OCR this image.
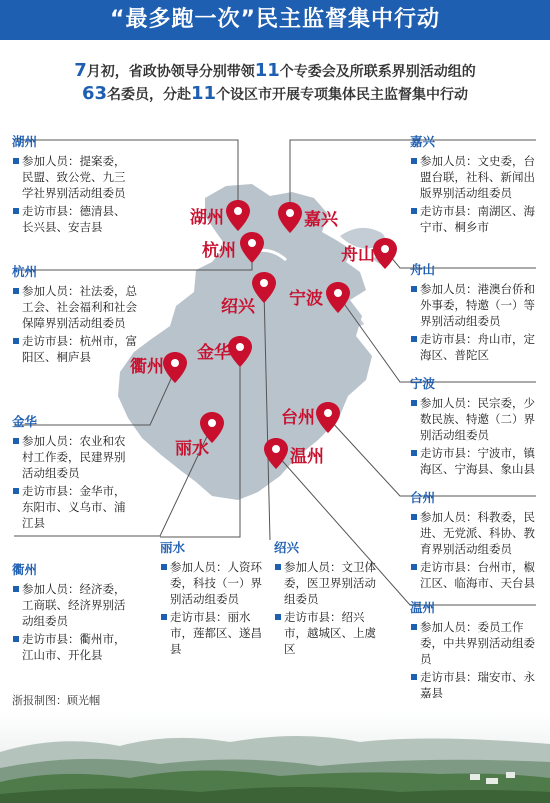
“最多跑一次”民主监督集中行动
7月初，省政协领导分别带领11个专委会及所联系界别活动组的
63名委员，分赴11个设区市开展专项集体民主监督集中行动
湖州	嘉兴
杭州	舟山
绍兴 宁波
金华
衢州
台州
丽水	温州
湖州
参加人员：提案委，民盟、致公党、九三学社界别活动组委员
走访市县：德清县、长兴县、安吉县
杭州
参加人员：社法委，总工会、社会福利和社会保障界别活动组委员
走访市县：杭州市，富阳区、桐庐县
金华
参加人员：农业和农村工作委，民建界别活动组委员
走访市县：金华市，东阳市、义乌市、浦江县
衢州
参加人员：经济委，工商联、经济界别活动组委员
走访市县：衢州市，江山市、开化县
丽水
参加人员：人资环委，科技（一）界别活动组委员
走访市县：丽水市，莲都区、遂昌县
绍兴
参加人员：文卫体委，医卫界别活动组委员
走访市县：绍兴市，越城区、上虞区
嘉兴
参加人员：文史委，台盟台联，社科、新闻出版界别活动组委员
走访市县：南湖区、海宁市、桐乡市
舟山
参加人员：港澳台侨和外事委，特邀（一）等界别活动组委员
走访市县：舟山市，定海区、普陀区
宁波
参加人员：民宗委，少数民族、特邀（二）界别活动组委员
走访市县：宁波市，镇海区、宁海县、象山县
台州
参加人员：科教委，民进、无党派、科协、教育界别活动组委员
走访市县：台州市，椒江区、临海市、天台县
温州
参加人员：委员工作委，中共界别活动组委员
走访市县：瑞安市、永嘉县
浙报制图：顾光帼
